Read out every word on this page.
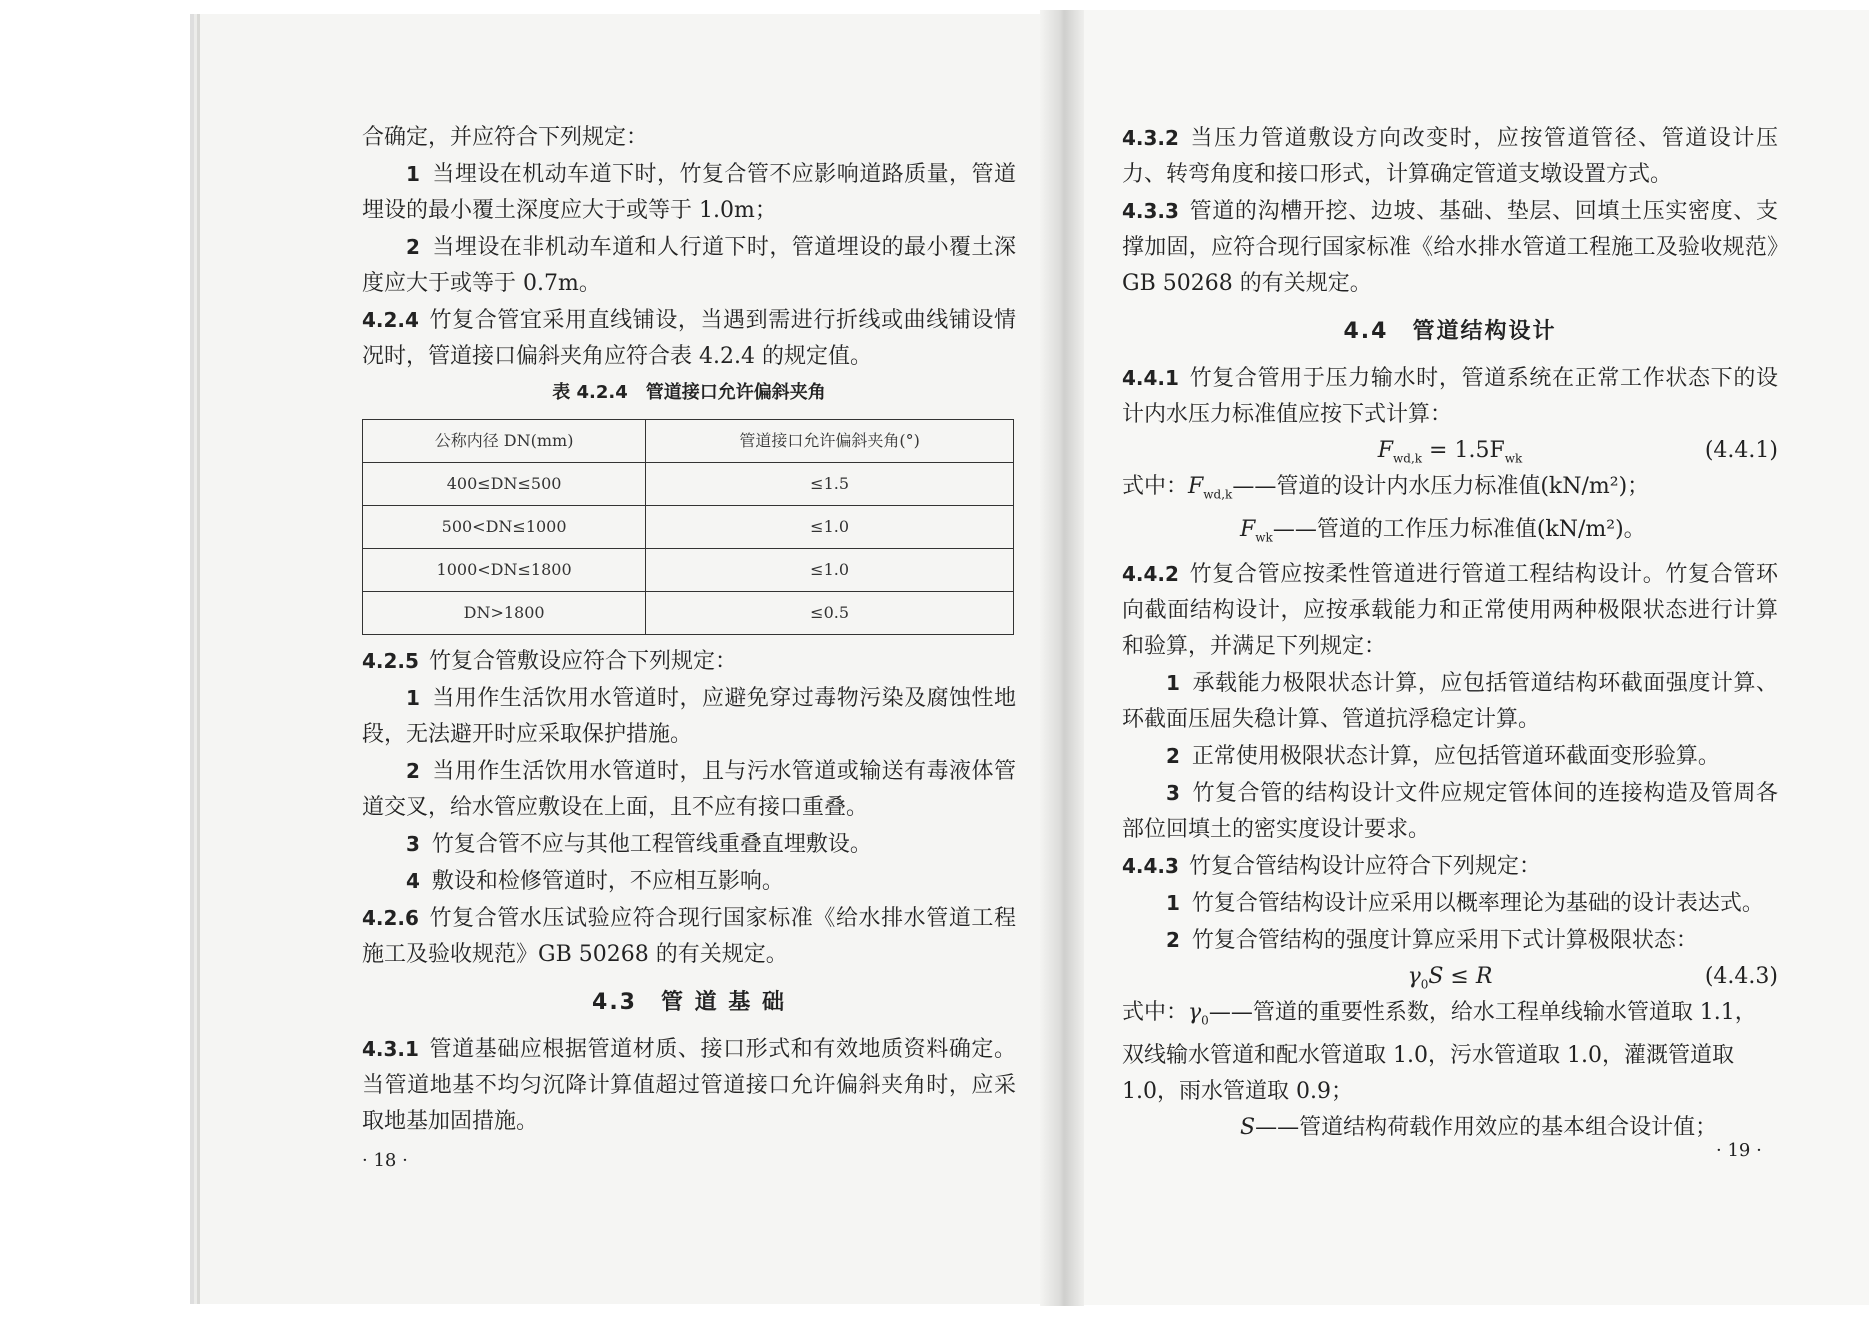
合确定，并应符合下列规定：

1 当埋设在机动车道下时，竹复合管不应影响道路质量，管道埋设的最小覆土深度应大于或等于 1.0m；

2 当埋设在非机动车道和人行道下时，管道埋设的最小覆土深度应大于或等于 0.7m。

4.2.4 竹复合管宜采用直线铺设，当遇到需进行折线或曲线铺设情况时，管道接口偏斜夹角应符合表 4.2.4 的规定值。

表 4.2.4　管道接口允许偏斜夹角
公称内径 DN(mm)	管道接口允许偏斜夹角(°)
400≤DN≤500	≤1.5
500<DN≤1000	≤1.0
1000<DN≤1800	≤1.0
DN>1800	≤0.5

4.2.5 竹复合管敷设应符合下列规定：

1 当用作生活饮用水管道时，应避免穿过毒物污染及腐蚀性地段，无法避开时应采取保护措施。

2 当用作生活饮用水管道时，且与污水管道或输送有毒液体管道交叉，给水管应敷设在上面，且不应有接口重叠。

3 竹复合管不应与其他工程管线重叠直埋敷设。

4 敷设和检修管道时，不应相互影响。

4.2.6 竹复合管水压试验应符合现行国家标准《给水排水管道工程施工及验收规范》GB 50268 的有关规定。

4.3　管 道 基 础

4.3.1 管道基础应根据管道材质、接口形式和有效地质资料确定。当管道地基不均匀沉降计算值超过管道接口允许偏斜夹角时，应采取地基加固措施。

· 18 ·

4.3.2 当压力管道敷设方向改变时，应按管道管径、管道设计压力、转弯角度和接口形式，计算确定管道支墩设置方式。

4.3.3 管道的沟槽开挖、边坡、基础、垫层、回填土压实密度、支撑加固，应符合现行国家标准《给水排水管道工程施工及验收规范》GB 50268 的有关规定。

4.4　管道结构设计

4.4.1 竹复合管用于压力输水时，管道系统在正常工作状态下的设计内水压力标准值应按下式计算：

$F_{wd,k} = 1.5F_{wk}$	(4.4.1)

式中：$F_{wd,k}——$管道的设计内水压力标准值(kN/m²)；

$F_{wk}——$管道的工作压力标准值(kN/m²)。

4.4.2 竹复合管应按柔性管道进行管道工程结构设计。竹复合管环向截面结构设计，应按承载能力和正常使用两种极限状态进行计算和验算，并满足下列规定：

1 承载能力极限状态计算，应包括管道结构环截面强度计算、环截面压屈失稳计算、管道抗浮稳定计算。

2 正常使用极限状态计算，应包括管道环截面变形验算。

3 竹复合管的结构设计文件应规定管体间的连接构造及管周各部位回填土的密实度设计要求。

4.4.3 竹复合管结构设计应符合下列规定：

1 竹复合管结构设计应采用以概率理论为基础的设计表达式。

2 竹复合管结构的强度计算应采用下式计算极限状态：

$\gamma_0S \le R$	(4.4.3)

式中：$\gamma_0——$管道的重要性系数，给水工程单线输水管道取 1.1，双线输水管道和配水管道取 1.0，污水管道取 1.0，灌溉管道取 1.0，雨水管道取 0.9；

S——管道结构荷载作用效应的基本组合设计值；

· 19 ·
